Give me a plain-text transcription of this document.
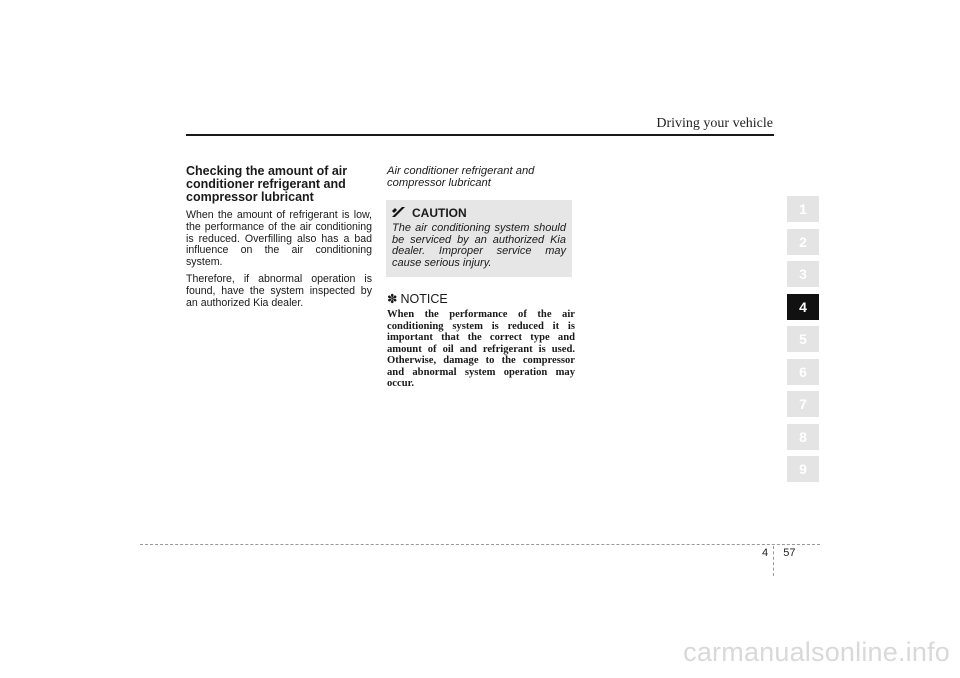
Driving your vehicle
Checking the amount of air conditioner refrigerant and compressor lubricant

When the amount of refrigerant is low, the performance of the air conditioning is reduced. Overfilling also has a bad influence on the air conditioning system.

Therefore, if abnormal operation is found, have the system inspected by an authorized Kia dealer.

Air conditioner refrigerant and compressor lubricant
CAUTION
The air conditioning system should be serviced by an authorized Kia dealer. Improper service may cause serious injury.
✽ NOTICE
When the performance of the air conditioning system is reduced it is important that the correct type and amount of oil and refrigerant is used. Otherwise, damage to the compressor and abnormal system operation may occur.
1
2
3
4
5
6
7
8
9
4 57
carmanualsonline.info
